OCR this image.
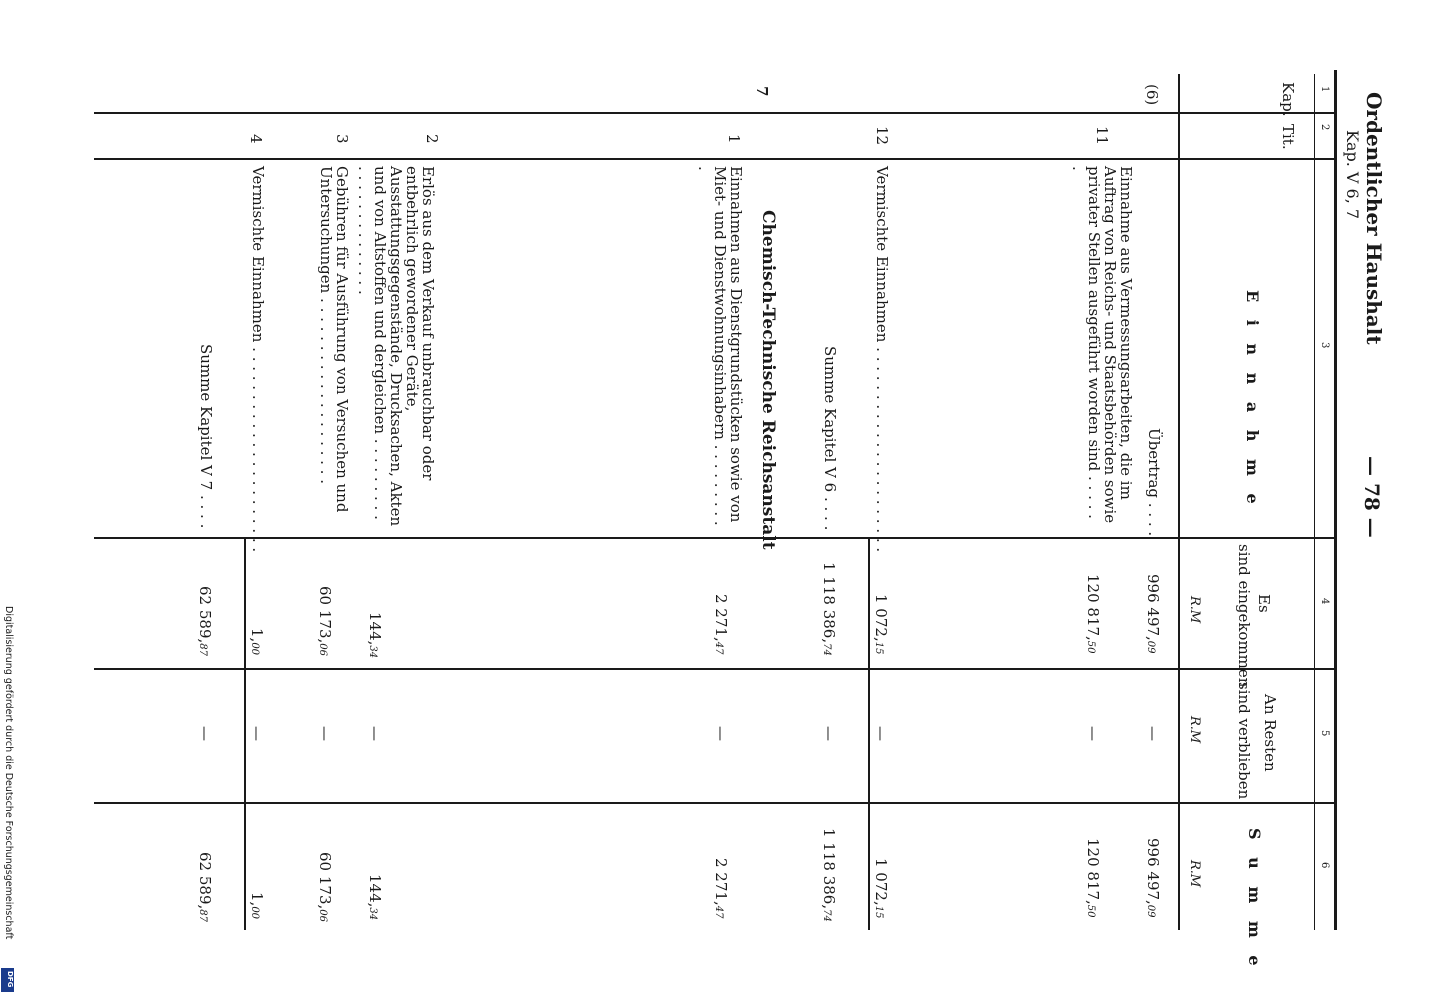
Digitalisierung gefördert durch die Deutsche Forschungsgemeinschaft
DFG
Ordentlicher Haushalt
Kap. V 6, 7
— 78 —
1
2
3
4
5
6
Kap.
Tit.
E i n n a h m e
Es
sind eingekommen
R.M
An Resten
sind verblieben
R.M
S u m m e
R.M
(6)
Übertrag . . . .
996 497,09
—
996 497,09
11
Einnahme aus Vermessungsarbeiten, die im Auftrag von Reichs- und Staatsbehörden sowie privater Stellen ausgeführt worden sind . . . . . .
120 817,50
—
120 817,50
12
Vermischte Einnahmen . . . . . . . . . . . . . . . . . . . . . .
1 072,15
—
1 072,15
Summe Kapitel V 6 . . . .
1 118 386,74
—
1 118 386,74
7
Chemisch-Technische Reichsanstalt
1
Einnahmen aus Dienstgrundstücken sowie von Miet- und Dienstwohnungsinhabern . . . . . . . . . .
2 271,47
—
2 271,47
2
Erlös aus dem Verkauf unbrauchbar oder entbehrlich gewordener Geräte, Ausstattungsgegenstände, Drucksachen, Akten und von Altstoffen und dergleichen . . . . . . . . . . . . . . . . . . . . . . .
144,34
—
144,34
3
Gebühren für Ausführung von Versuchen und Untersuchungen . . . . . . . . . . . . . . . . . . . .
60 173,06
—
60 173,06
4
Vermischte Einnahmen . . . . . . . . . . . . . . . . . . . . . .
1,00
—
1,00
Summe Kapitel V 7 . . . .
62 589,87
—
62 589,87
